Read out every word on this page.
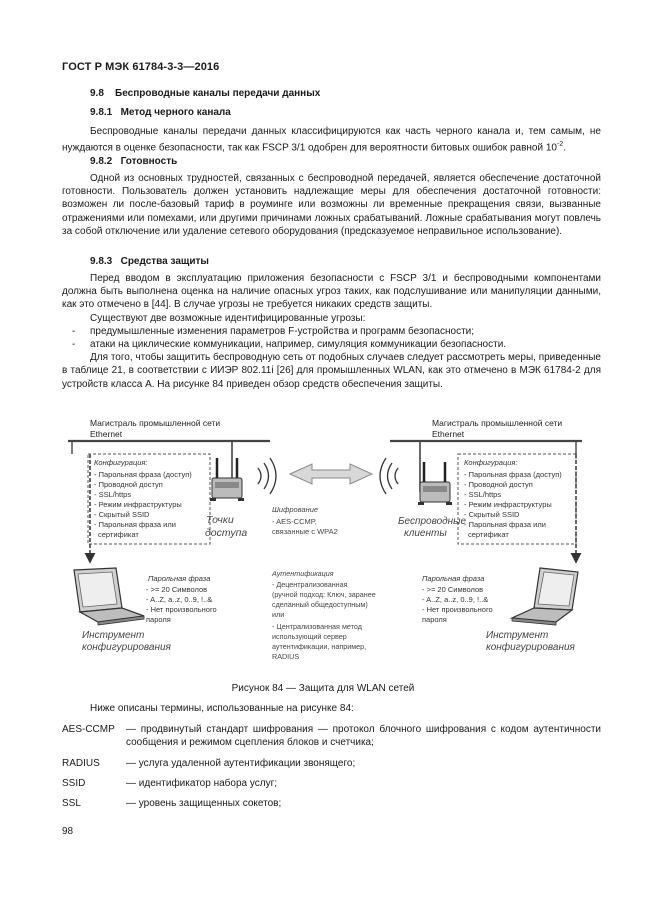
ГОСТ Р МЭК 61784-3-3—2016
9.8 Беспроводные каналы передачи данных
9.8.1 Метод черного канала

Беспроводные каналы передачи данных классифицируются как часть черного канала и, тем самым, не нуждаются в оценке безопасности, так как FSCP 3/1 одобрен для вероятности битовых ошибок равной $10^{-2}$.

9.8.2 Готовность

Одной из основных трудностей, связанных с беспроводной передачей, является обеспечение достаточной готовности. Пользователь должен установить надлежащие меры для обеспечения достаточной готовности: возможен ли после-базовый тариф в роуминге или возможны ли временные прекращения связи, вызванные отражениями или помехами, или другими причинами ложных срабатываний. Ложные срабатывания могут повлечь за собой отключение или удаление сетевого оборудования (предсказуемое неправильное использование).

9.8.3 Средства защиты

Перед вводом в эксплуатацию приложения безопасности с FSCP 3/1 и беспроводными компонентами должна быть выполнена оценка на наличие опасных угроз таких, как подслушивание или манипуляции данными, как это отмечено в [44]. В случае угрозы не требуется никаких средств защиты.

Существуют две возможные идентифицированные угрозы:

- предумышленные изменения параметров F-устройства и программ безопасности;

- атаки на циклические коммуникации, например, симуляция коммуникации безопасности.

Для того, чтобы защитить беспроводную сеть от подобных случаев следует рассмотреть меры, приведенные в таблице 21, в соответствии с ИИЭР 802.11i [26] для промышленных WLAN, как это отмечено в МЭК 61784-2 для устройств класса А. На рисунке 84 приведен обзор средств обеспечения защиты.

Магистраль промышленной сети
Ethernet
Магистраль промышленной сети
Ethernet
Конфигурация:
- Парольная фраза (доступ)
- Проводной доступ
- SSL/https
- Режим инфраструктуры
- Скрытый SSID
- Парольная фраза или
сертификат
Конфигурация:
- Парольная фраза (доступ)
- Проводной доступ
- SSL/https
- Режим инфраструктуры
- Скрытый SSID
- Парольная фраза или
сертификат
Точки
доступа
Беспроводные
клиенты
Шифрование
- AES-CCMP,
связанные с WPA2
Аутентификация
- Децентрализованная
(ручной подход: Ключ, заранее
сделанный общедоступным)
или
- Централизованная метод
использующий сервер
аутентификации, например,
RADIUS
Парольная фраза
- >= 20 Символов
- A..Z, a..z, 0..9, !..&
- Нет произвольного
пароля
Инструмент
конфигурирования
Парольная фраза
- >= 20 Символов
- A..Z, a..z, 0..9, !..&
- Нет произвольного
пароля
Инструмент
конфигурирования
Рисунок 84 — Защита для WLAN сетей
Ниже описаны термины, использованные на рисунке 84:
AES-CCMP — продвинутый стандарт шифрования — протокол блочного шифрования с кодом аутентичности сообщения и режимом сцепления блоков и счетчика;
RADIUS	— услуга удаленной аутентификации звонящего;
SSID	— идентификатор набора услуг;
SSL	— уровень защищенных сокетов;
98
